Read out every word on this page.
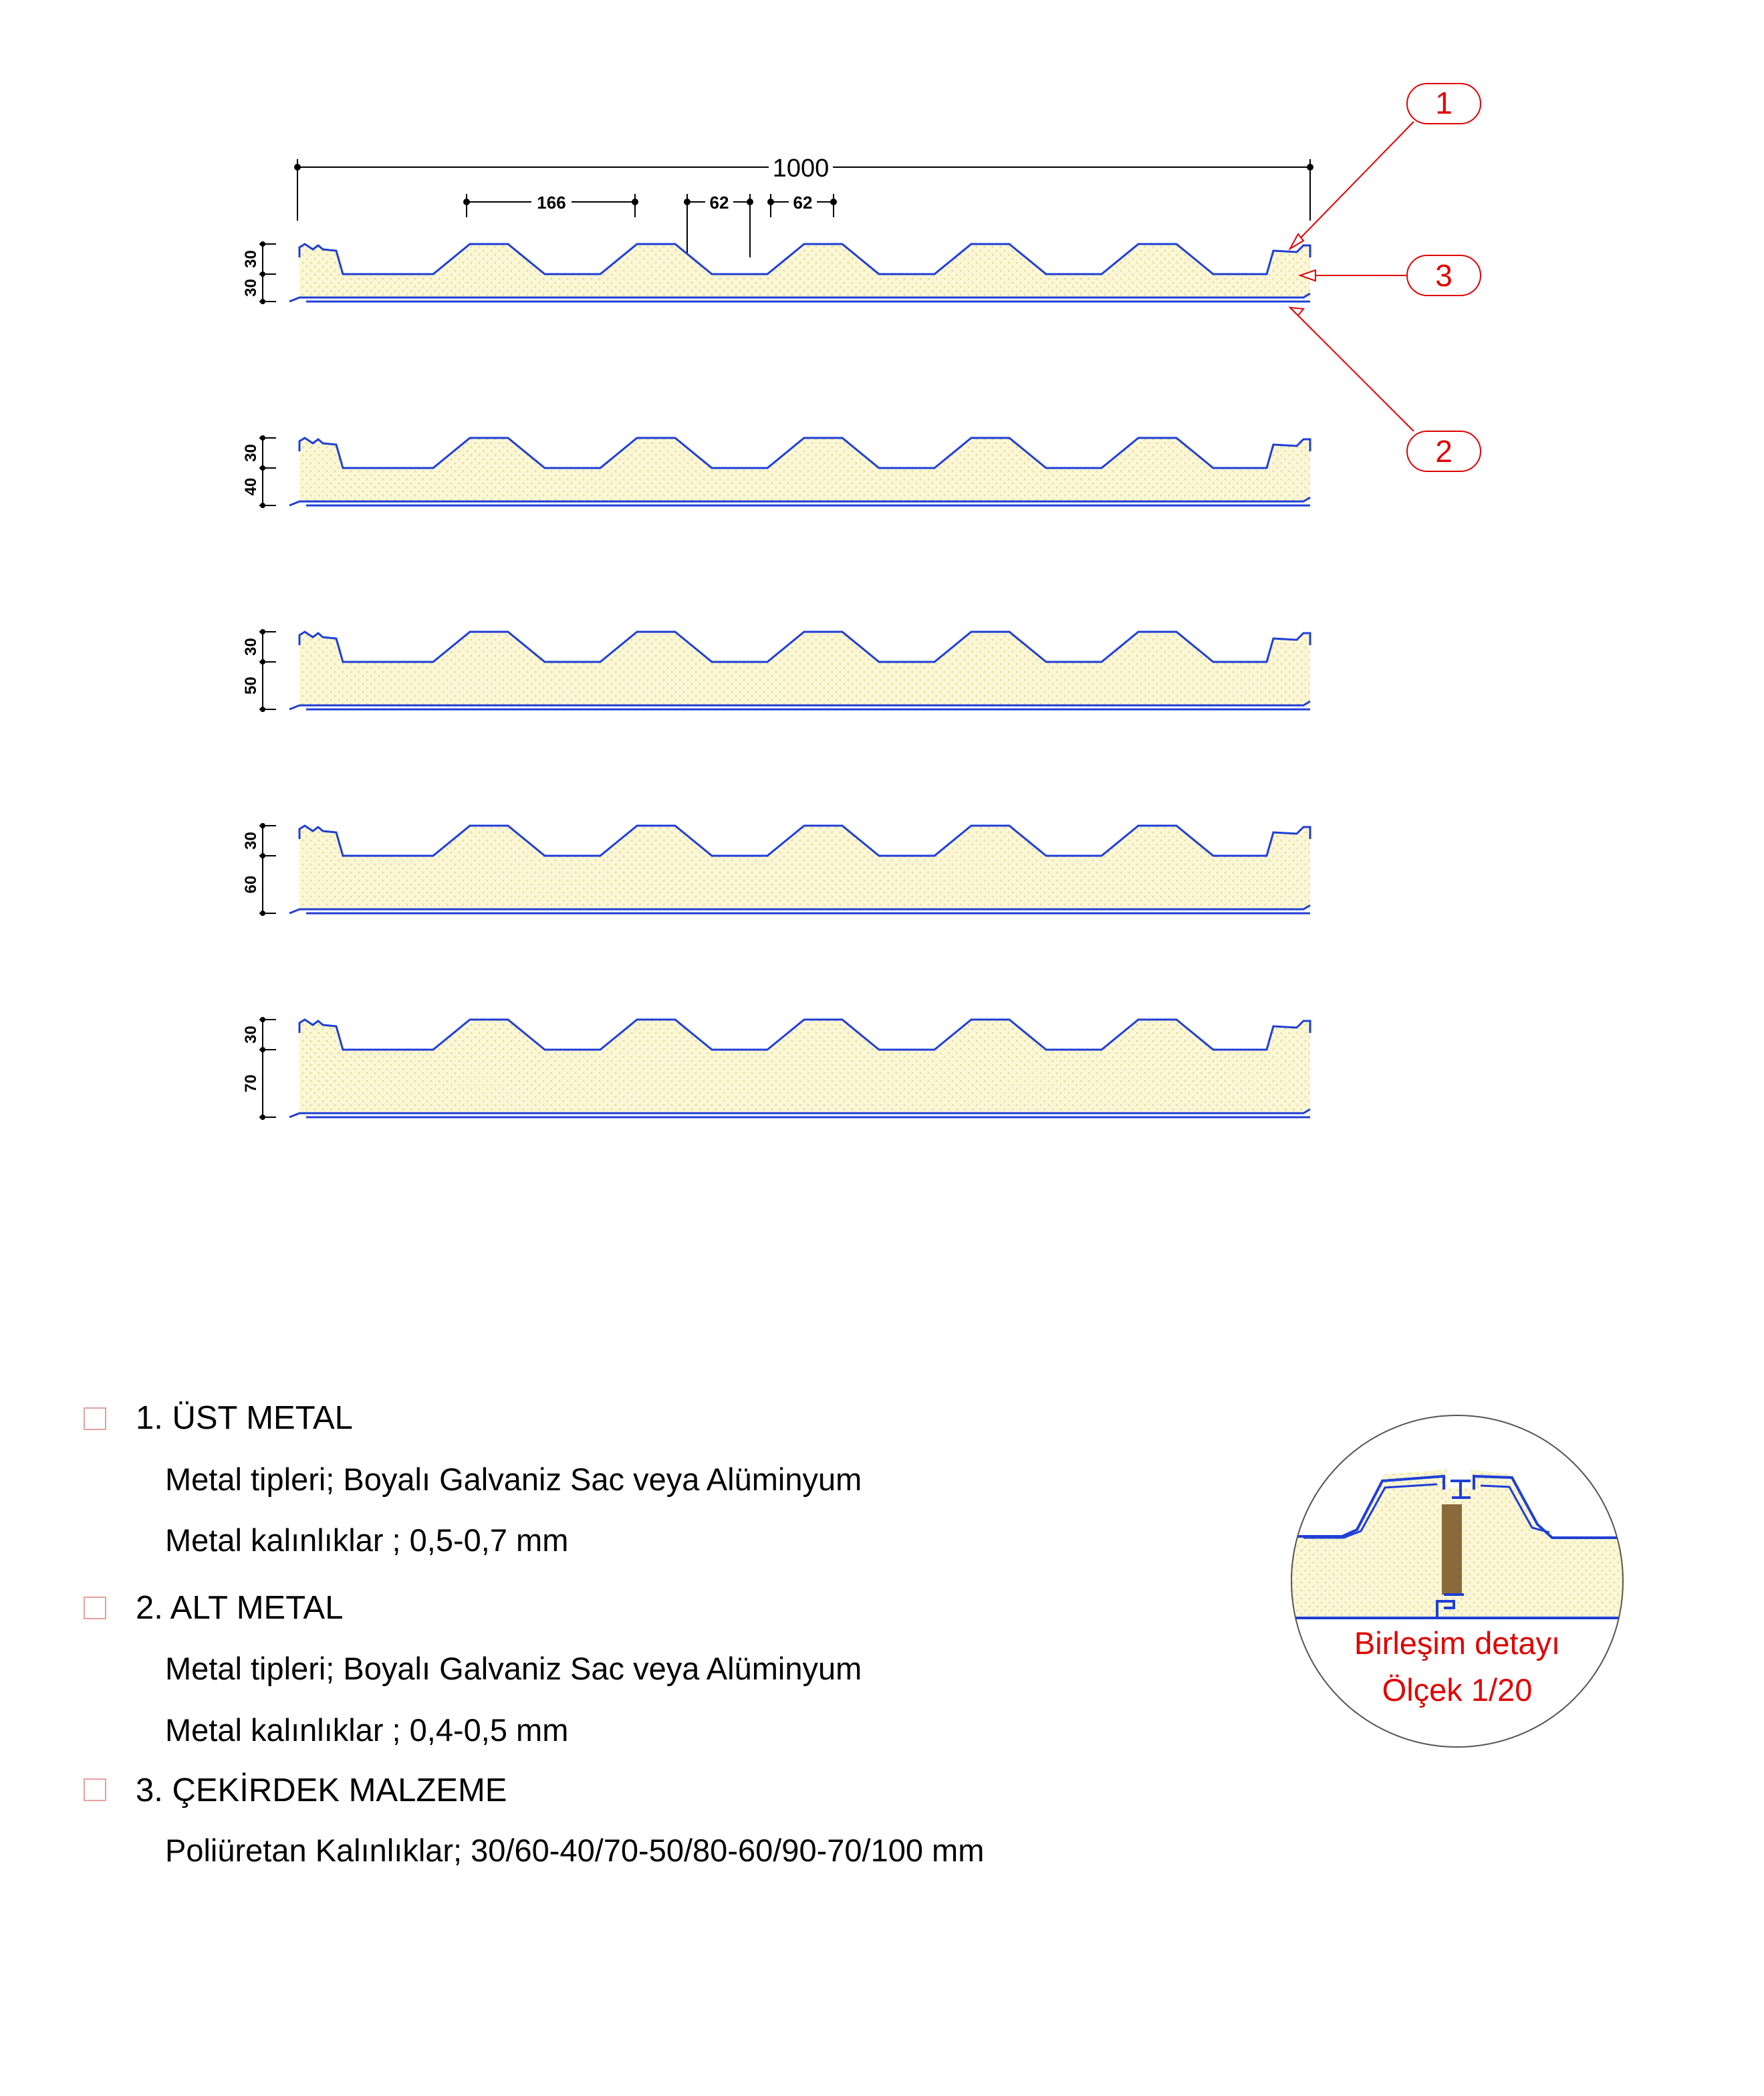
1000
166	62	62
30
30
30
40
30
50
30
60
30
70
1
3
2
1. ÜST METAL
Metal tipleri; Boyalı Galvaniz Sac veya Alüminyum
Metal kalınlıklar ; 0,5-0,7 mm
2. ALT METAL
Metal tipleri; Boyalı Galvaniz Sac veya Alüminyum
Metal kalınlıklar ; 0,4-0,5 mm
3. ÇEKİRDEK MALZEME
Poliüretan Kalınlıklar; 30/60-40/70-50/80-60/90-70/100 mm
Birleşim detayı
Ölçek 1/20
